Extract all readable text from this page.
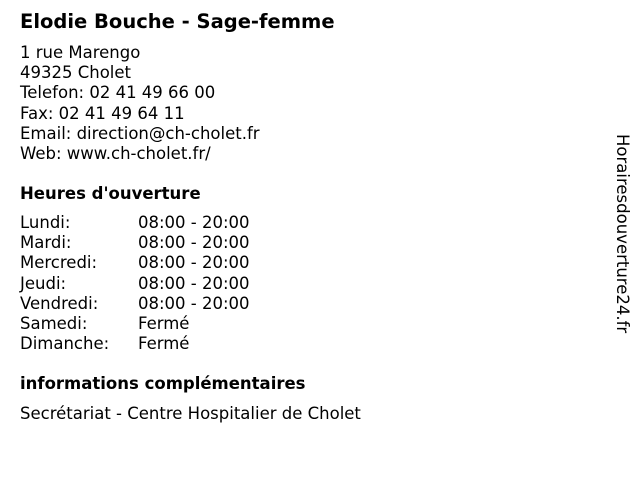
Elodie Bouche - Sage-femme
1 rue Marengo
49325 Cholet
Telefon: 02 41 49 66 00
Fax: 02 41 49 64 11
Email: direction@ch-cholet.fr
Web: www.ch-cholet.fr/
Heures d'ouverture
Lundi:	08:00 - 20:00
Mardi:	08:00 - 20:00
Mercredi: 08:00 - 20:00
Jeudi:	08:00 - 20:00
Vendredi: 08:00 - 20:00
Samedi:	Fermé
Dimanche: Fermé
informations complémentaires
Secrétariat - Centre Hospitalier de Cholet
Horairesdouverture24.fr
